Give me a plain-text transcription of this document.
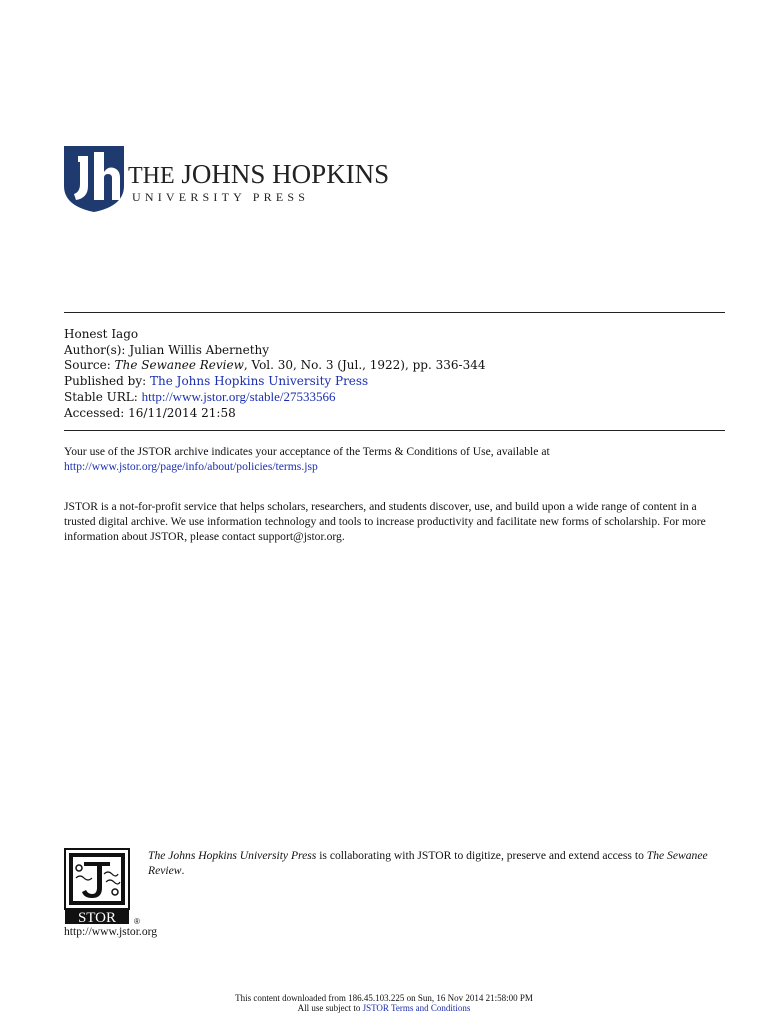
THE JOHNS HOPKINS
UNIVERSITY PRESS
Honest Iago
Author(s): Julian Willis Abernethy
Source: The Sewanee Review, Vol. 30, No. 3 (Jul., 1922), pp. 336-344
Published by: The Johns Hopkins University Press
Stable URL: http://www.jstor.org/stable/27533566
Accessed: 16/11/2014 21:58
Your use of the JSTOR archive indicates your acceptance of the Terms & Conditions of Use, available at
http://www.jstor.org/page/info/about/policies/terms.jsp
JSTOR is a not-for-profit service that helps scholars, researchers, and students discover, use, and build upon a wide range of content in a trusted digital archive. We use information technology and tools to increase productivity and facilitate new forms of scholarship. For more information about JSTOR, please contact support@jstor.org.
STOR ®
http://www.jstor.org
The Johns Hopkins University Press is collaborating with JSTOR to digitize, preserve and extend access to The Sewanee Review.
This content downloaded from 186.45.103.225 on Sun, 16 Nov 2014 21:58:00 PM
All use subject to JSTOR Terms and Conditions
